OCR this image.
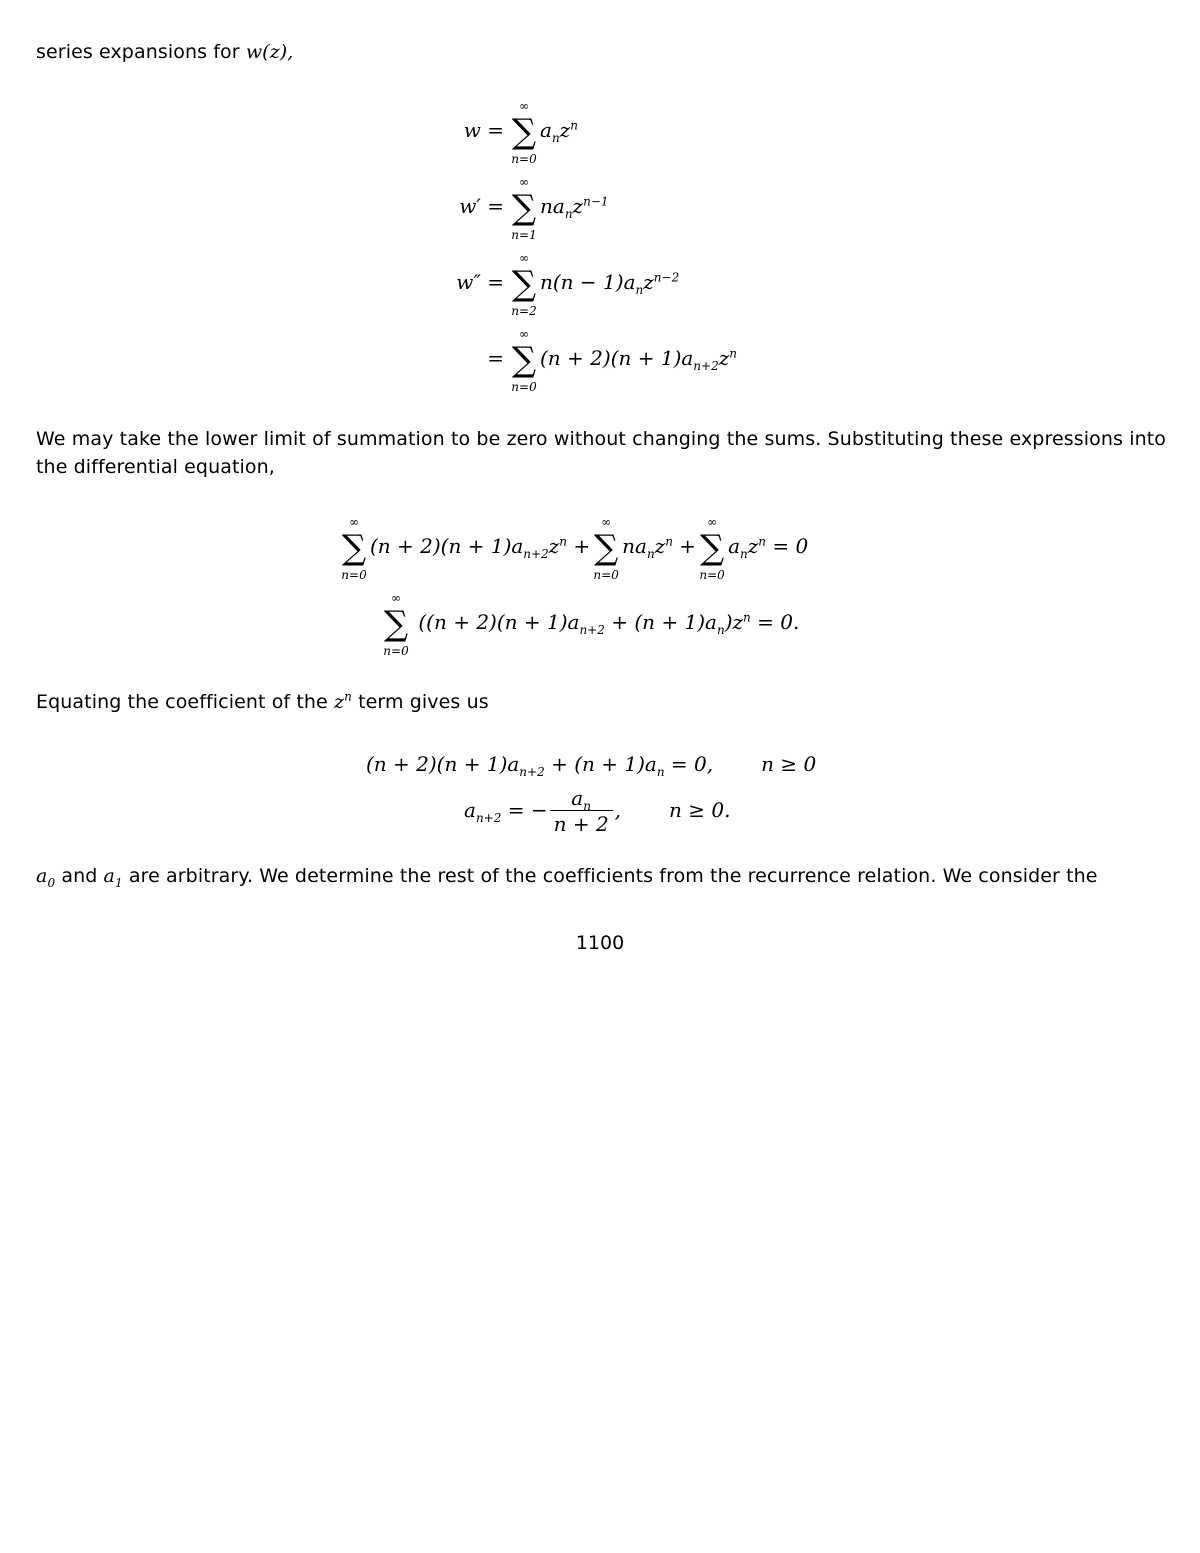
series expansions for w(z),
w =
∞
∑
n=0
$a_nz^n$
w′ =
∞
∑
n=1
$na_nz^{n-1}$
w″ =
∞
∑
n=2
$n(n - 1)a_nz^{n-2}$
=
∞
∑
n=0
$(n + 2)(n + 1)a_{n+2}z^n$
We may take the lower limit of summation to be zero without changing the sums. Substituting these expressions into the differential equation,
∞
∑
n=0
$(n + 2)(n + 1)a_{n+2}z^n$ +
∞
∑
n=0
$na_nz^n$ +
∞
∑
n=0
$a_nz^n = 0$
∞
∑
n=0
$((n + 2)(n + 1)a_{n+2} + (n + 1)a_n)z^n = 0$.
Equating the coefficient of the $z^n$ term gives us
$(n + 2)(n + 1)a_{n+2} + (n + 1)a_n = 0$, n ≥ 0
$a_{n+2}$ = − $\frac{a_n}{n + 2}$ , n ≥ 0.
$a_0$ and $a_1$ are arbitrary. We determine the rest of the coefficients from the recurrence relation. We consider the
1100
